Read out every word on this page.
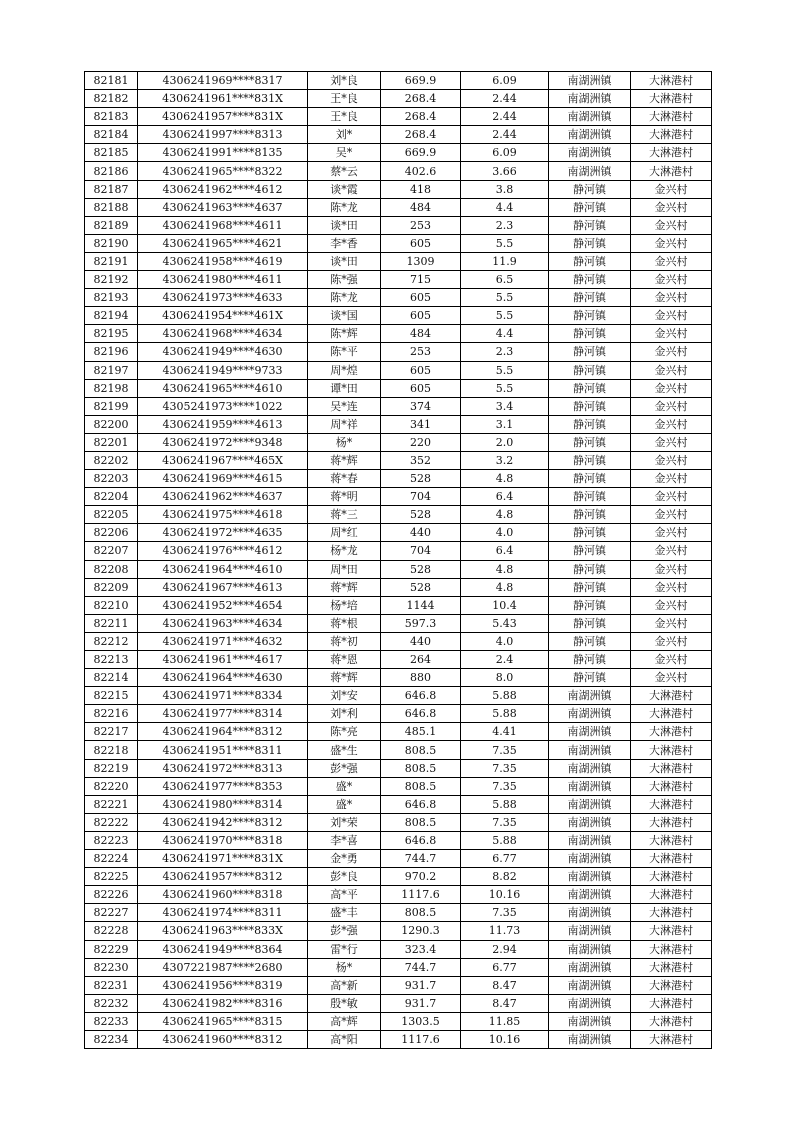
82181	4306241969****8317	刘*良	669.9	6.09	南湖洲镇	大淋港村
82182	4306241961****831X	王*良	268.4	2.44	南湖洲镇	大淋港村
82183	4306241957****831X	王*良	268.4	2.44	南湖洲镇	大淋港村
82184	4306241997****8313	刘*	268.4	2.44	南湖洲镇	大淋港村
82185	4306241991****8135	吴*	669.9	6.09	南湖洲镇	大淋港村
82186	4306241965****8322	蔡*云	402.6	3.66	南湖洲镇	大淋港村
82187	4306241962****4612	谈*霞	418	3.8	静河镇	金兴村
82188	4306241963****4637	陈*龙	484	4.4	静河镇	金兴村
82189	4306241968****4611	谈*田	253	2.3	静河镇	金兴村
82190	4306241965****4621	李*香	605	5.5	静河镇	金兴村
82191	4306241958****4619	谈*田	1309	11.9	静河镇	金兴村
82192	4306241980****4611	陈*强	715	6.5	静河镇	金兴村
82193	4306241973****4633	陈*龙	605	5.5	静河镇	金兴村
82194	4306241954****461X	谈*国	605	5.5	静河镇	金兴村
82195	4306241968****4634	陈*辉	484	4.4	静河镇	金兴村
82196	4306241949****4630	陈*平	253	2.3	静河镇	金兴村
82197	4306241949****9733	周*煌	605	5.5	静河镇	金兴村
82198	4306241965****4610	谭*田	605	5.5	静河镇	金兴村
82199	4305241973****1022	吴*连	374	3.4	静河镇	金兴村
82200	4306241959****4613	周*祥	341	3.1	静河镇	金兴村
82201	4306241972****9348	杨*	220	2.0	静河镇	金兴村
82202	4306241967****465X	蒋*辉	352	3.2	静河镇	金兴村
82203	4306241969****4615	蒋*春	528	4.8	静河镇	金兴村
82204	4306241962****4637	蒋*明	704	6.4	静河镇	金兴村
82205	4306241975****4618	蒋*三	528	4.8	静河镇	金兴村
82206	4306241972****4635	周*红	440	4.0	静河镇	金兴村
82207	4306241976****4612	杨*龙	704	6.4	静河镇	金兴村
82208	4306241964****4610	周*田	528	4.8	静河镇	金兴村
82209	4306241967****4613	蒋*辉	528	4.8	静河镇	金兴村
82210	4306241952****4654	杨*培	1144	10.4	静河镇	金兴村
82211	4306241963****4634	蒋*根	597.3	5.43	静河镇	金兴村
82212	4306241971****4632	蒋*初	440	4.0	静河镇	金兴村
82213	4306241961****4617	蒋*恩	264	2.4	静河镇	金兴村
82214	4306241964****4630	蒋*辉	880	8.0	静河镇	金兴村
82215	4306241971****8334	刘*安	646.8	5.88	南湖洲镇	大淋港村
82216	4306241977****8314	刘*利	646.8	5.88	南湖洲镇	大淋港村
82217	4306241964****8312	陈*亮	485.1	4.41	南湖洲镇	大淋港村
82218	4306241951****8311	盛*生	808.5	7.35	南湖洲镇	大淋港村
82219	4306241972****8313	彭*强	808.5	7.35	南湖洲镇	大淋港村
82220	4306241977****8353	盛*	808.5	7.35	南湖洲镇	大淋港村
82221	4306241980****8314	盛*	646.8	5.88	南湖洲镇	大淋港村
82222	4306241942****8312	刘*荣	808.5	7.35	南湖洲镇	大淋港村
82223	4306241970****8318	李*喜	646.8	5.88	南湖洲镇	大淋港村
82224	4306241971****831X	金*勇	744.7	6.77	南湖洲镇	大淋港村
82225	4306241957****8312	彭*良	970.2	8.82	南湖洲镇	大淋港村
82226	4306241960****8318	高*平	1117.6	10.16	南湖洲镇	大淋港村
82227	4306241974****8311	盛*丰	808.5	7.35	南湖洲镇	大淋港村
82228	4306241963****833X	彭*强	1290.3	11.73	南湖洲镇	大淋港村
82229	4306241949****8364	雷*行	323.4	2.94	南湖洲镇	大淋港村
82230	4307221987****2680	杨*	744.7	6.77	南湖洲镇	大淋港村
82231	4306241956****8319	高*新	931.7	8.47	南湖洲镇	大淋港村
82232	4306241982****8316	殷*敏	931.7	8.47	南湖洲镇	大淋港村
82233	4306241965****8315	高*辉	1303.5	11.85	南湖洲镇	大淋港村
82234	4306241960****8312	高*阳	1117.6	10.16	南湖洲镇	大淋港村
